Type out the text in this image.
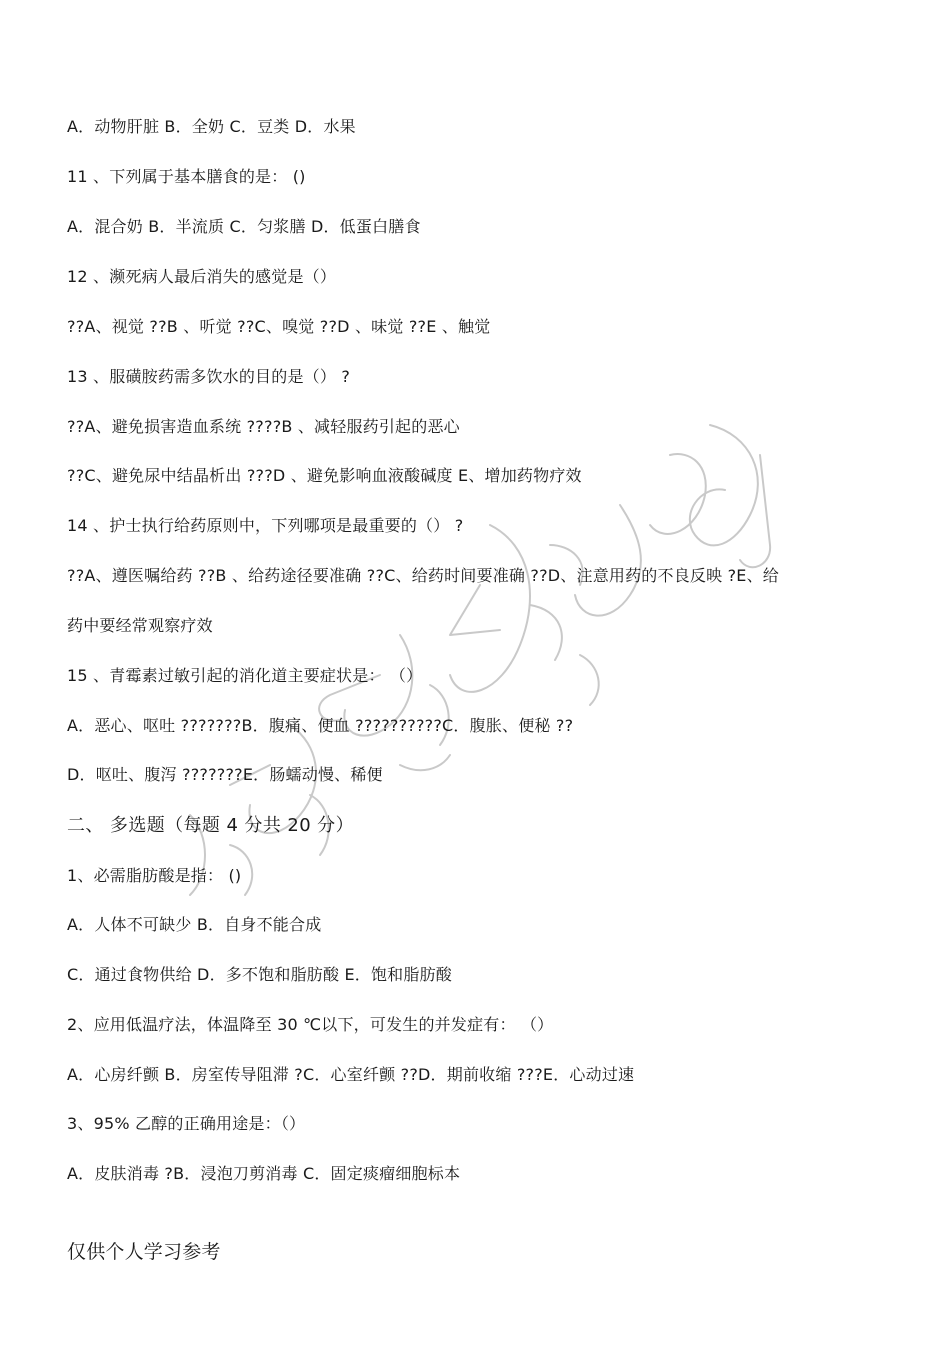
A．动物肝脏 B．全奶 C．豆类 D．水果
11 、下列属于基本膳食的是： ()
A．混合奶 B．半流质 C．匀浆膳 D．低蛋白膳食
12 、濒死病人最后消失的感觉是（）
??A、视觉 ??B 、听觉 ??C、嗅觉 ??D 、味觉 ??E 、触觉
13 、服磺胺药需多饮水的目的是（） ?
??A、避免损害造血系统 ????B 、减轻服药引起的恶心
??C、避免尿中结晶析出 ???D 、避免影响血液酸碱度 E、增加药物疗效
14 、护士执行给药原则中，下列哪项是最重要的（） ?
??A、遵医嘱给药 ??B 、给药途径要准确 ??C、给药时间要准确 ??D、注意用药的不良反映 ?E、给
药中要经常观察疗效
15 、青霉素过敏引起的消化道主要症状是： （）
A．恶心、呕吐 ???????B．腹痛、便血 ??????????C．腹胀、便秘 ??
D．呕吐、腹泻 ???????E．肠蠕动慢、稀便
二、 多选题（每题 4 分共 20 分）
1、必需脂肪酸是指： ()
A．人体不可缺少 B．自身不能合成
C．通过食物供给 D．多不饱和脂肪酸 E．饱和脂肪酸
2、应用低温疗法，体温降至 30 ℃以下，可发生的并发症有： （）
A．心房纤颤 B．房室传导阻滞 ?C．心室纤颤 ??D．期前收缩 ???E．心动过速
3、95% 乙醇的正确用途是：（）
A．皮肤消毒 ?B．浸泡刀剪消毒 C．固定痰瘤细胞标本
仅供个人学习参考
